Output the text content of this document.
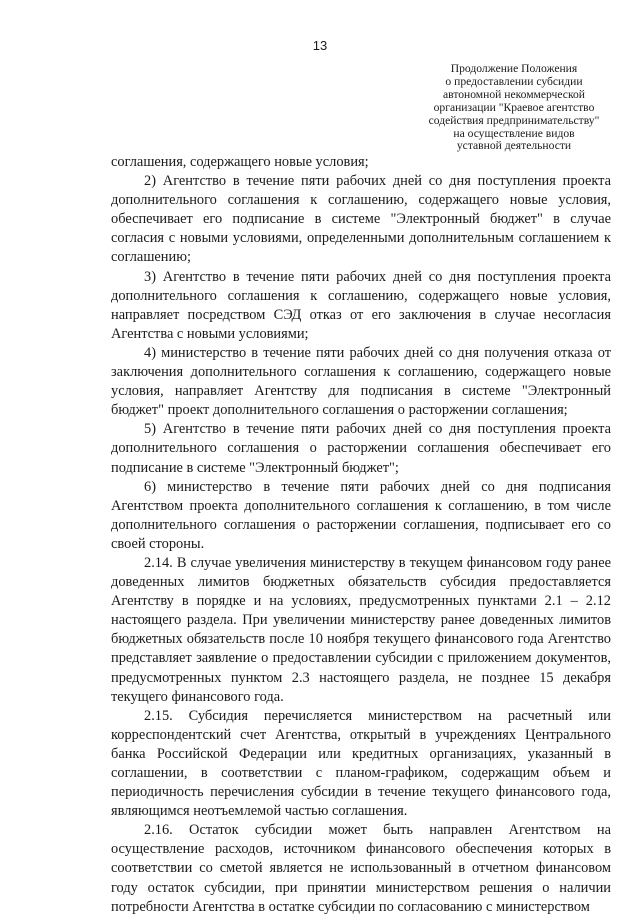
13
Продолжение Положения
о предоставлении субсидии
автономной некоммерческой
организации "Краевое агентство
содействия предпринимательству"
на осуществление видов
уставной деятельности

соглашения, содержащего новые условия;

2) Агентство в течение пяти рабочих дней со дня поступления проекта дополнительного соглашения к соглашению, содержащего новые условия, обеспечивает его подписание в системе "Электронный бюджет" в случае согласия с новыми условиями, определенными дополнительным соглашением к соглашению;

3) Агентство в течение пяти рабочих дней со дня поступления проекта дополнительного соглашения к соглашению, содержащего новые условия, направляет посредством СЭД отказ от его заключения в случае несогласия Агентства с новыми условиями;

4) министерство в течение пяти рабочих дней со дня получения отказа от заключения дополнительного соглашения к соглашению, содержащего новые условия, направляет Агентству для подписания в системе "Электронный бюджет" проект дополнительного соглашения о расторжении соглашения;

5) Агентство в течение пяти рабочих дней со дня поступления проекта дополнительного соглашения о расторжении соглашения обеспечивает его подписание в системе "Электронный бюджет";

6) министерство в течение пяти рабочих дней со дня подписания Агентством проекта дополнительного соглашения к соглашению, в том числе дополнительного соглашения о расторжении соглашения, подписывает его со своей стороны.

2.14. В случае увеличения министерству в текущем финансовом году ранее доведенных лимитов бюджетных обязательств субсидия предоставляется Агентству в порядке и на условиях, предусмотренных пунктами 2.1 – 2.12 настоящего раздела. При увеличении министерству ранее доведенных лимитов бюджетных обязательств после 10 ноября текущего финансового года Агентство представляет заявление о предоставлении субсидии с приложением документов, предусмотренных пунктом 2.3 настоящего раздела, не позднее 15 декабря текущего финансового года.

2.15. Субсидия перечисляется министерством на расчетный или корреспондентский счет Агентства, открытый в учреждениях Центрального банка Российской Федерации или кредитных организациях, указанный в соглашении, в соответствии с планом-графиком, содержащим объем и периодичность перечисления субсидии в течение текущего финансового года, являющимся неотъемлемой частью соглашения.

2.16. Остаток субсидии может быть направлен Агентством на осуществление расходов, источником финансового обеспечения которых в соответствии со сметой является не использованный в отчетном финансовом году остаток субсидии, при принятии министерством решения о наличии потребности Агентства в остатке субсидии по согласованию с министерством
